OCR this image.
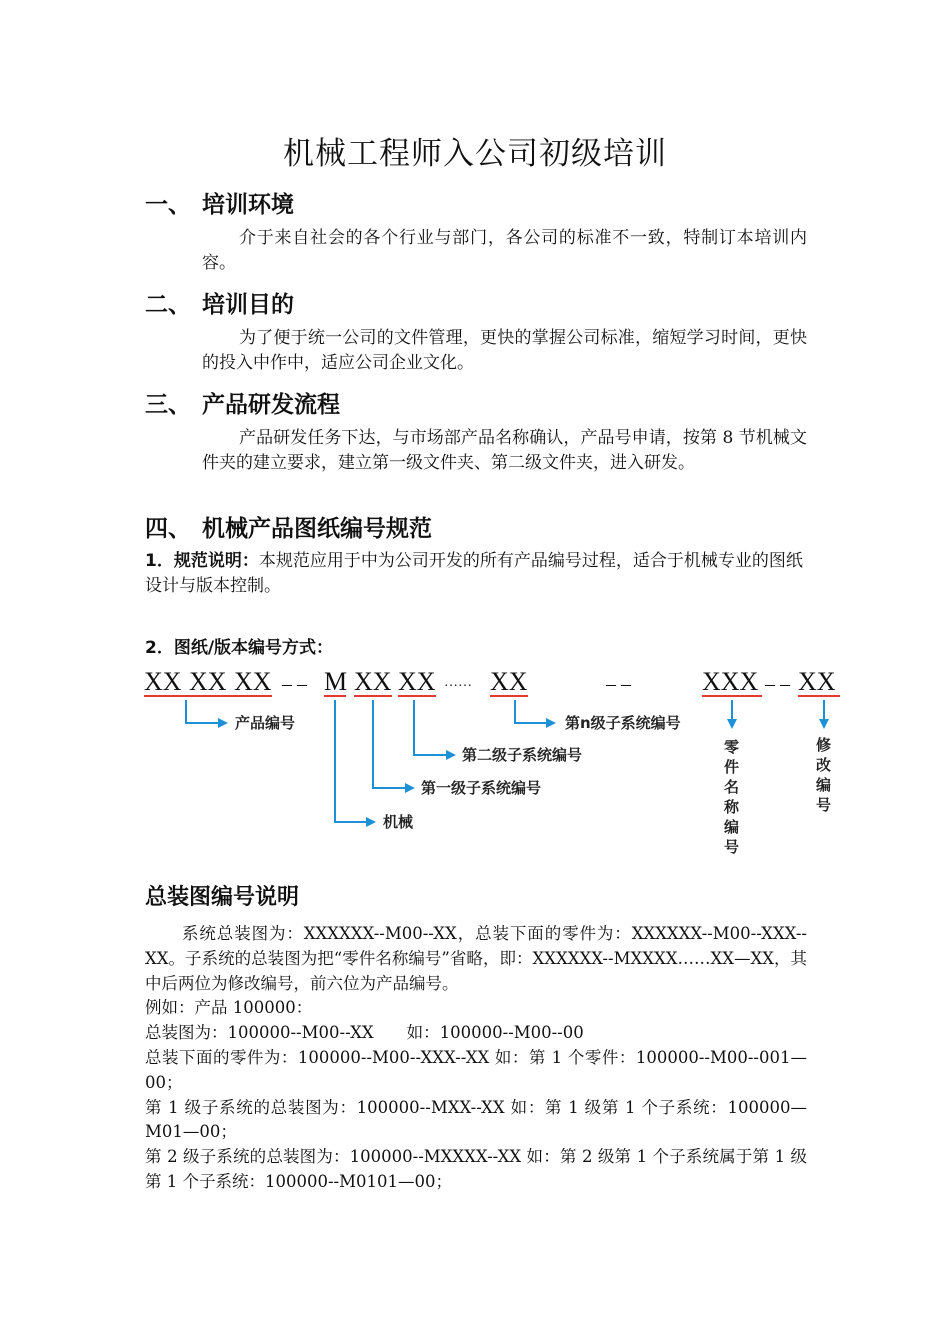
机械工程师入公司初级培训
一、 培训环境
介于来自社会的各个行业与部门，各公司的标准不一致，特制订本培训内容。
二、 培训目的
为了便于统一公司的文件管理，更快的掌握公司标准，缩短学习时间，更快的投入中作中，适应公司企业文化。
三、 产品研发流程
产品研发任务下达，与市场部产品名称确认，产品号申请，按第 8 节机械文件夹的建立要求，建立第一级文件夹、第二级文件夹，进入研发。
四、 机械产品图纸编号规范
1．规范说明：本规范应用于中为公司开发的所有产品编号过程，适合于机械专业的图纸设计与版本控制。
2．图纸/版本编号方式：
XX XX XX – – M XX XX …… XX	– –	XXX – – XX
产品编号	第n级子系统编号
第二级子系统编号
第一级子系统编号
机械
零
件
名
称
编
号
修
改
编
号
总装图编号说明

系统总装图为：XXXXXX--M00--XX，总装下面的零件为：XXXXXX--M00--XXX--XX。子系统的总装图为把“零件名称编号”省略，即：XXXXXX--MXXXX……XX—XX，其中后两位为修改编号，前六位为产品编号。

例如：产品 100000：

总装图为：100000--M00--XX　　如：100000--M00--00

总装下面的零件为：100000--M00--XXX--XX 如：第 1 个零件：100000--M00--001—00；

第 1 级子系统的总装图为：100000--MXX--XX 如：第 1 级第 1 个子系统：100000—M01—00；

第 2 级子系统的总装图为：100000--MXXXX--XX 如：第 2 级第 1 个子系统属于第 1 级第 1 个子系统：100000--M0101—00；
